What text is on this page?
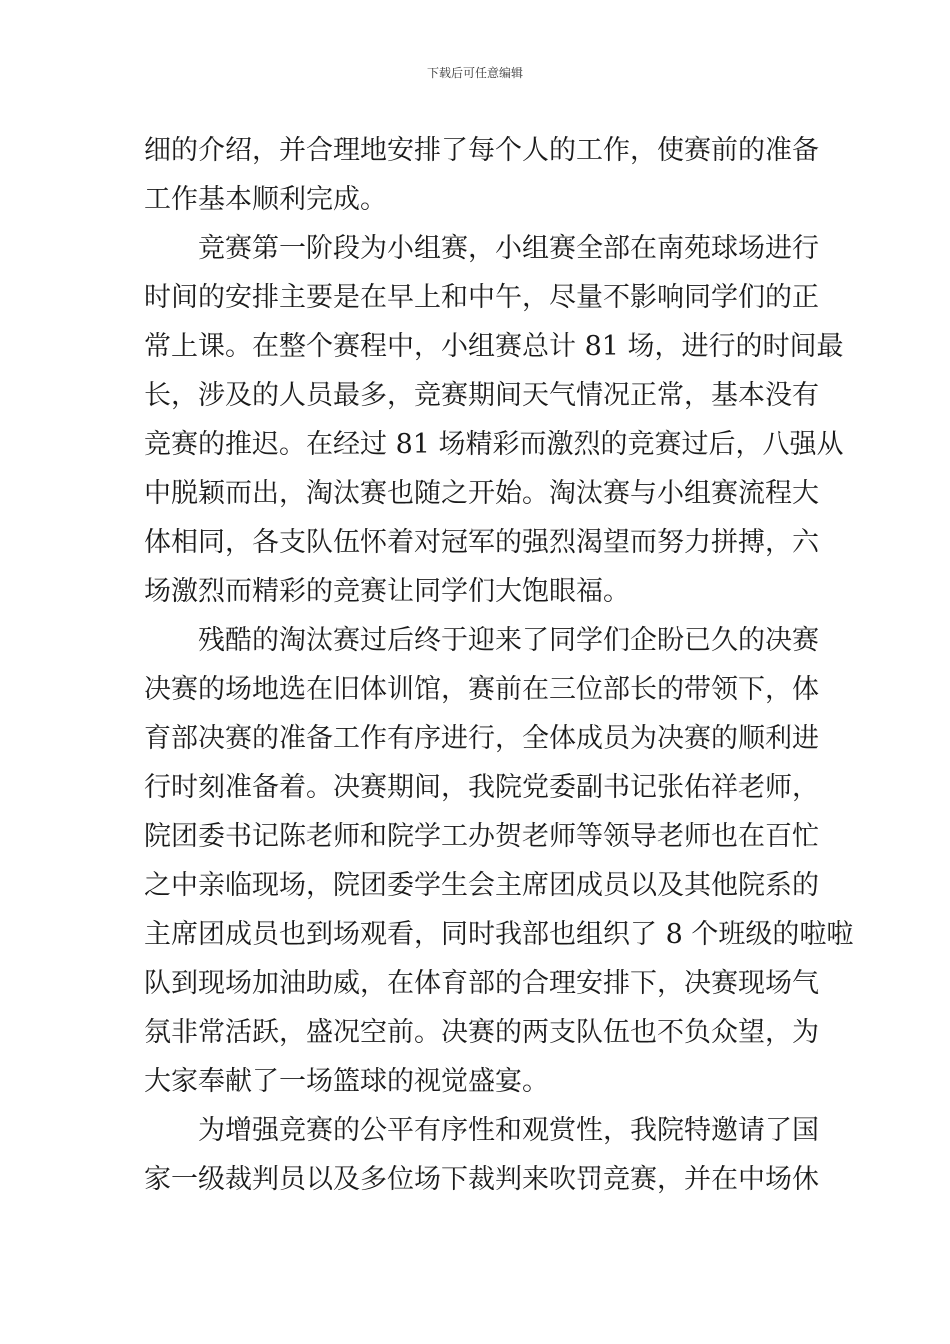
下载后可任意编辑
细的介绍，并合理地安排了每个人的工作，使赛前的准备
工作基本顺利完成。
竞赛第一阶段为小组赛，小组赛全部在南苑球场进行
时间的安排主要是在早上和中午，尽量不影响同学们的正
常上课。在整个赛程中，小组赛总计 81 场，进行的时间最
长，涉及的人员最多，竞赛期间天气情况正常，基本没有
竞赛的推迟。在经过 81 场精彩而激烈的竞赛过后，八强从
中脱颖而出，淘汰赛也随之开始。淘汰赛与小组赛流程大
体相同，各支队伍怀着对冠军的强烈渴望而努力拼搏，六
场激烈而精彩的竞赛让同学们大饱眼福。
残酷的淘汰赛过后终于迎来了同学们企盼已久的决赛
决赛的场地选在旧体训馆，赛前在三位部长的带领下，体
育部决赛的准备工作有序进行，全体成员为决赛的顺利进
行时刻准备着。决赛期间，我院党委副书记张佑祥老师，
院团委书记陈老师和院学工办贺老师等领导老师也在百忙
之中亲临现场，院团委学生会主席团成员以及其他院系的
主席团成员也到场观看，同时我部也组织了 8 个班级的啦啦
队到现场加油助威，在体育部的合理安排下，决赛现场气
氛非常活跃，盛况空前。决赛的两支队伍也不负众望，为
大家奉献了一场篮球的视觉盛宴。
为增强竞赛的公平有序性和观赏性，我院特邀请了国
家一级裁判员以及多位场下裁判来吹罚竞赛，并在中场休
